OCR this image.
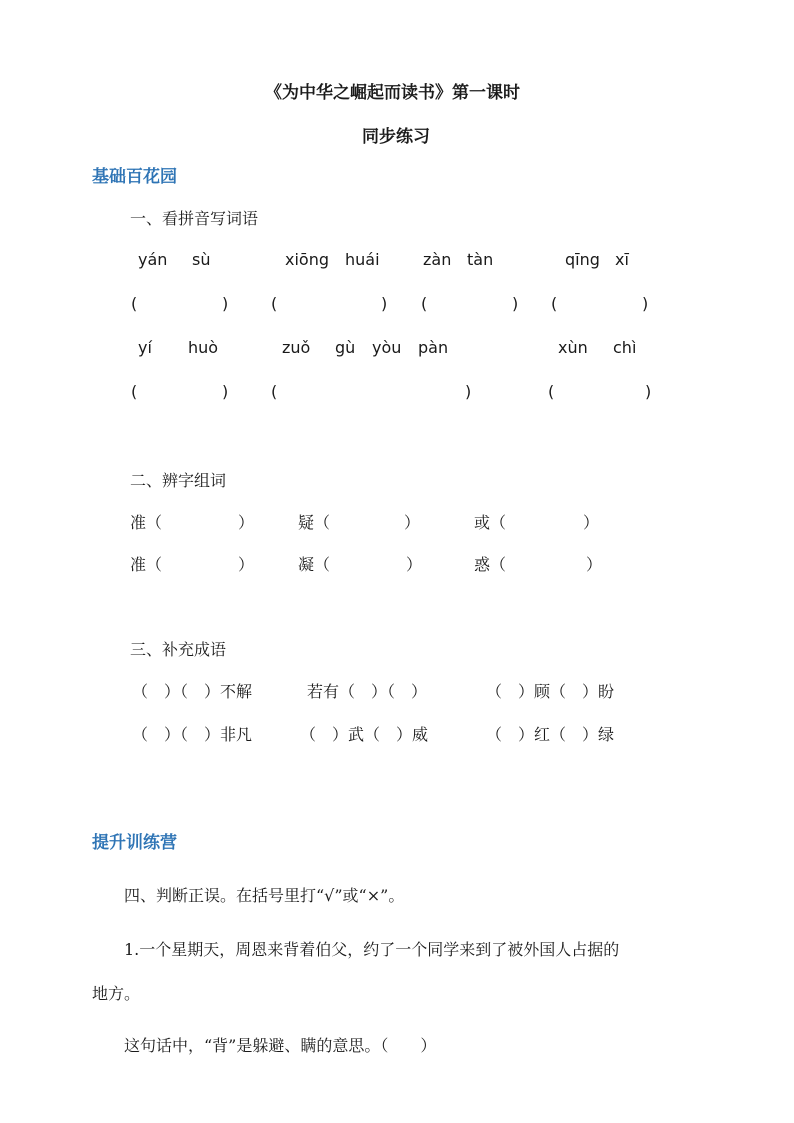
《为中华之崛起而读书》第一课时
同步练习
基础百花园
一、看拼音写词语
yán sù	xiōng huái	zàn tàn	qīng xī
(	)	(	) (	) (	)
yí huò	zuǒ gù yòu pàn	xùn chì
(	)	(	)	(	)
二、辨字组词
准（	）	疑（	）	或（	）
准（	）	凝（	）	惑（	）
三、补充成语
（　）（　）不解	若有（　）（　）	（　）顾（　）盼
（　）（　）非凡	（　）武（　）威	（　）红（　）绿
提升训练营
四、判断正误。在括号里打“√”或“×”。
1.一个星期天，周恩来背着伯父，约了一个同学来到了被外国人占据的
地方。
这句话中，“背”是躲避、瞒的意思。（　　）
